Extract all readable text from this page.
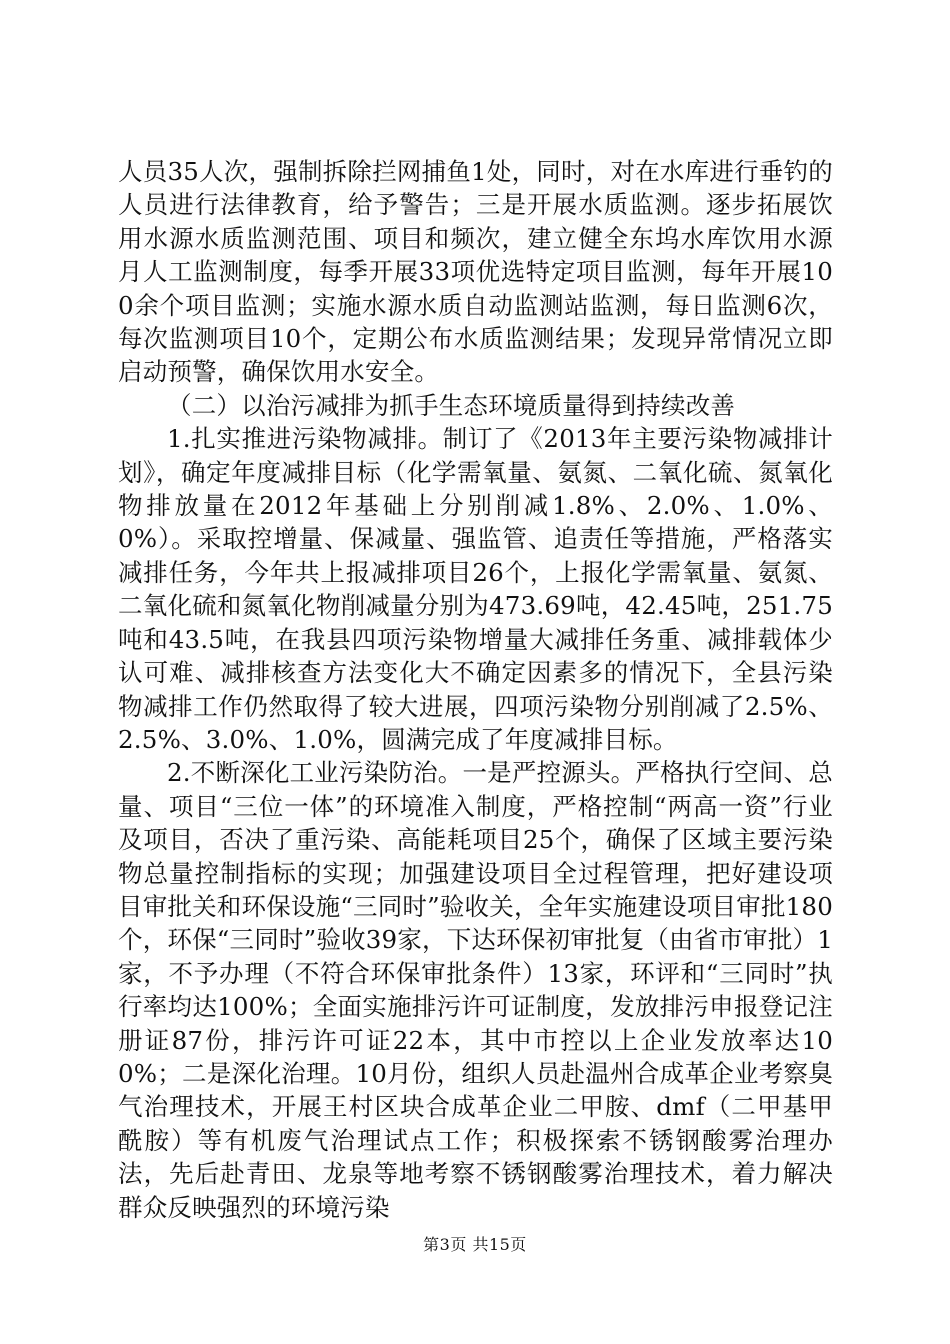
人员35人次，强制拆除拦网捕鱼1处，同时，对在水库进行垂钓的人员进行法律教育，给予警告；三是开展水质监测。逐步拓展饮用水源水质监测范围、项目和频次，建立健全东坞水库饮用水源月人工监测制度，每季开展33项优选特定项目监测，每年开展100余个项目监测；实施水源水质自动监测站监测，每日监测6次，每次监测项目10个，定期公布水质监测结果；发现异常情况立即启动预警，确保饮用水安全。

（二）以治污减排为抓手生态环境质量得到持续改善

1.扎实推进污染物减排。制订了《2013年主要污染物减排计划》，确定年度减排目标（化学需氧量、氨氮、二氧化硫、氮氧化物排放量在2012年基础上分别削减1.8%、2.0%、1.0%、0%）。采取控增量、保减量、强监管、追责任等措施，严格落实减排任务，今年共上报减排项目26个，上报化学需氧量、氨氮、二氧化硫和氮氧化物削减量分别为473.69吨，42.45吨，251.75吨和43.5吨，在我县四项污染物增量大减排任务重、减排载体少认可难、减排核查方法变化大不确定因素多的情况下，全县污染物减排工作仍然取得了较大进展，四项污染物分别削减了2.5%、2.5%、3.0%、1.0%，圆满完成了年度减排目标。

2.不断深化工业污染防治。一是严控源头。严格执行空间、总量、项目“三位一体”的环境准入制度，严格控制“两高一资”行业及项目，否决了重污染、高能耗项目25个，确保了区域主要污染物总量控制指标的实现；加强建设项目全过程管理，把好建设项目审批关和环保设施“三同时”验收关，全年实施建设项目审批180个，环保“三同时”验收39家，下达环保初审批复（由省市审批）1家，不予办理（不符合环保审批条件）13家，环评和“三同时”执行率均达100%；全面实施排污许可证制度，发放排污申报登记注册证87份，排污许可证22本，其中市控以上企业发放率达100%；二是深化治理。10月份，组织人员赴温州合成革企业考察臭气治理技术，开展王村区块合成革企业二甲胺、dmf（二甲基甲酰胺）等有机废气治理试点工作；积极探索不锈钢酸雾治理办法，先后赴青田、龙泉等地考察不锈钢酸雾治理技术，着力解决群众反映强烈的环境污染

第3页 共15页
